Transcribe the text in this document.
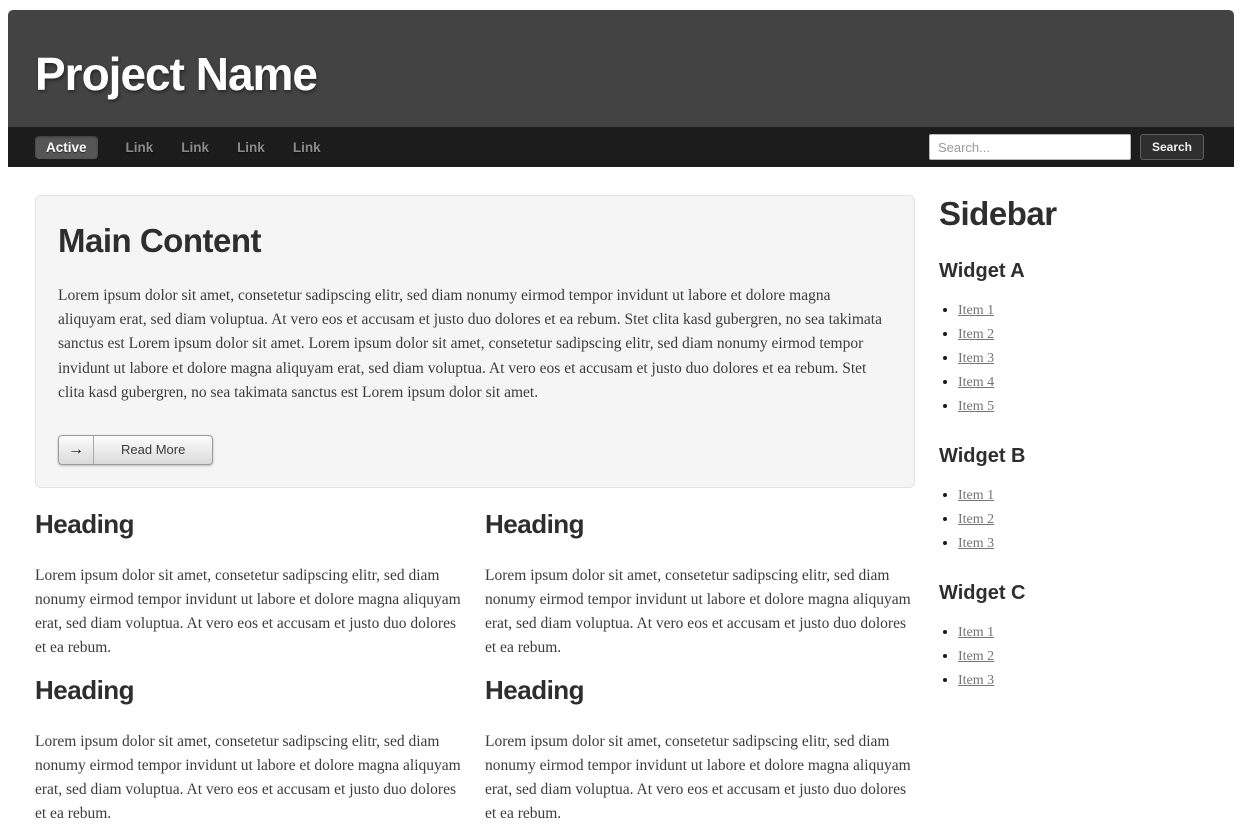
Project Name
Active	Link Link Link Link
Search...	Search
Main Content

Lorem ipsum dolor sit amet, consetetur sadipscing elitr, sed diam nonumy eirmod tempor invidunt ut labore et dolore magna aliquyam erat, sed diam voluptua. At vero eos et accusam et justo duo dolores et ea rebum. Stet clita kasd gubergren, no sea takimata sanctus est Lorem ipsum dolor sit amet. Lorem ipsum dolor sit amet, consetetur sadipscing elitr, sed diam nonumy eirmod tempor invidunt ut labore et dolore magna aliquyam erat, sed diam voluptua. At vero eos et accusam et justo duo dolores et ea rebum. Stet clita kasd gubergren, no sea takimata sanctus est Lorem ipsum dolor sit amet.

→	Read More
Heading

Lorem ipsum dolor sit amet, consetetur sadipscing elitr, sed diam nonumy eirmod tempor invidunt ut labore et dolore magna aliquyam erat, sed diam voluptua. At vero eos et accusam et justo duo dolores et ea rebum.

Heading

Lorem ipsum dolor sit amet, consetetur sadipscing elitr, sed diam nonumy eirmod tempor invidunt ut labore et dolore magna aliquyam erat, sed diam voluptua. At vero eos et accusam et justo duo dolores et ea rebum.

Heading

Lorem ipsum dolor sit amet, consetetur sadipscing elitr, sed diam nonumy eirmod tempor invidunt ut labore et dolore magna aliquyam erat, sed diam voluptua. At vero eos et accusam et justo duo dolores et ea rebum.

Heading

Lorem ipsum dolor sit amet, consetetur sadipscing elitr, sed diam nonumy eirmod tempor invidunt ut labore et dolore magna aliquyam erat, sed diam voluptua. At vero eos et accusam et justo duo dolores et ea rebum.

Sidebar
Widget A
• Item 1
• Item 2
• Item 3
• Item 4
• Item 5
Widget B
• Item 1
• Item 2
• Item 3
Widget C
• Item 1
• Item 2
• Item 3
